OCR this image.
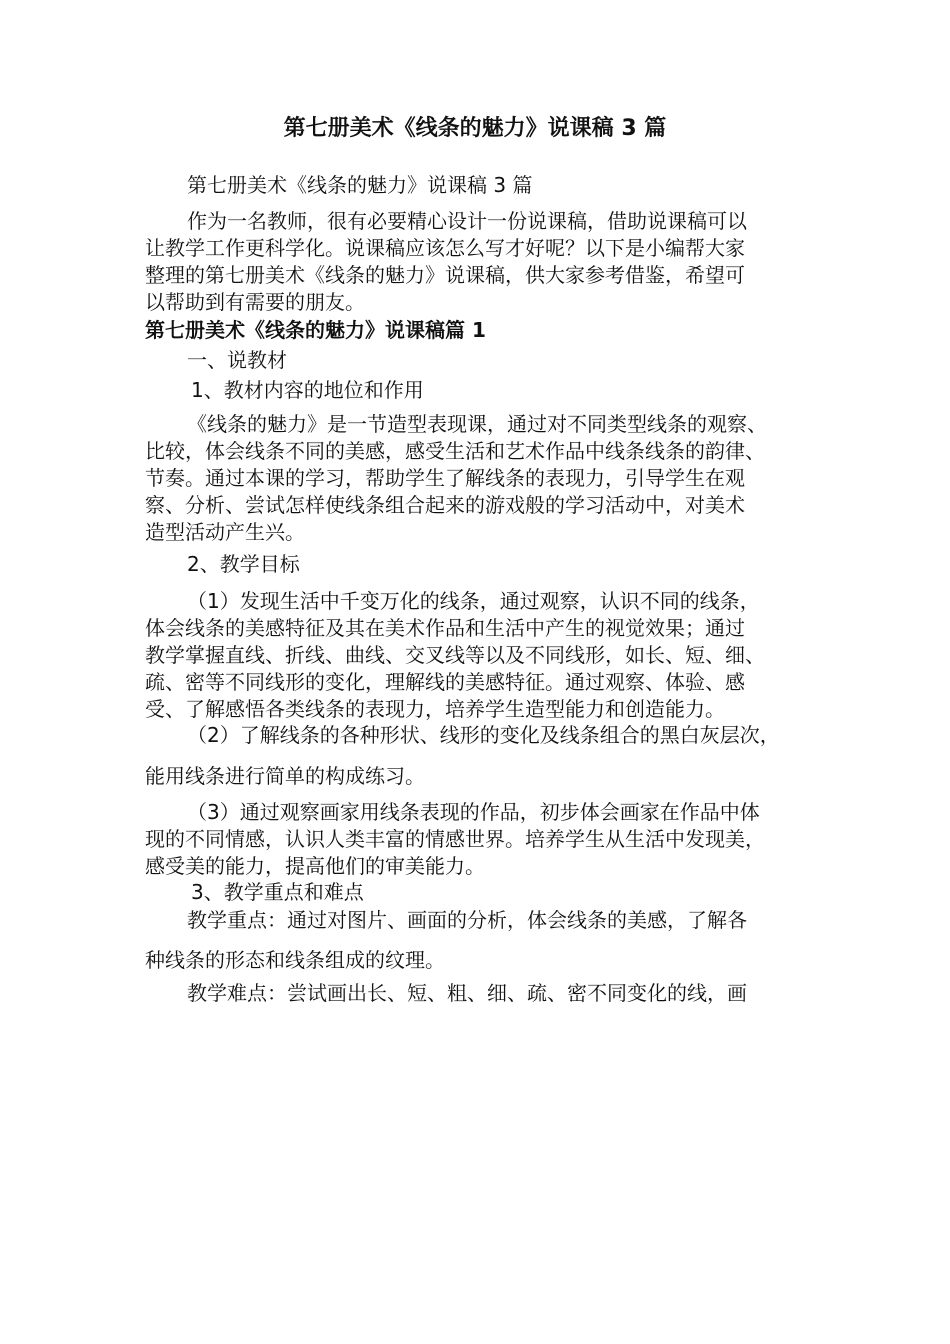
第七册美术《线条的魅力》说课稿 3 篇
第七册美术《线条的魅力》说课稿 3 篇
作为一名教师，很有必要精心设计一份说课稿，借助说课稿可以
让教学工作更科学化。说课稿应该怎么写才好呢？以下是小编帮大家
整理的第七册美术《线条的魅力》说课稿，供大家参考借鉴，希望可
以帮助到有需要的朋友。
第七册美术《线条的魅力》说课稿篇 1
一、说教材
1、教材内容的地位和作用
《线条的魅力》是一节造型表现课，通过对不同类型线条的观察、
比较，体会线条不同的美感，感受生活和艺术作品中线条线条的韵律、
节奏。通过本课的学习，帮助学生了解线条的表现力，引导学生在观
察、分析、尝试怎样使线条组合起来的游戏般的学习活动中，对美术
造型活动产生兴。
2、教学目标
（1）发现生活中千变万化的线条，通过观察，认识不同的线条，
体会线条的美感特征及其在美术作品和生活中产生的视觉效果；通过
教学掌握直线、折线、曲线、交叉线等以及不同线形，如长、短、细、
疏、密等不同线形的变化，理解线的美感特征。通过观察、体验、感
受、了解感悟各类线条的表现力，培养学生造型能力和创造能力。
（2）了解线条的各种形状、线形的变化及线条组合的黑白灰层次，
能用线条进行简单的构成练习。
（3）通过观察画家用线条表现的作品，初步体会画家在作品中体
现的不同情感，认识人类丰富的情感世界。培养学生从生活中发现美，
感受美的能力，提高他们的审美能力。
3、教学重点和难点
教学重点：通过对图片、画面的分析，体会线条的美感，了解各
种线条的形态和线条组成的纹理。
教学难点：尝试画出长、短、粗、细、疏、密不同变化的线，画
